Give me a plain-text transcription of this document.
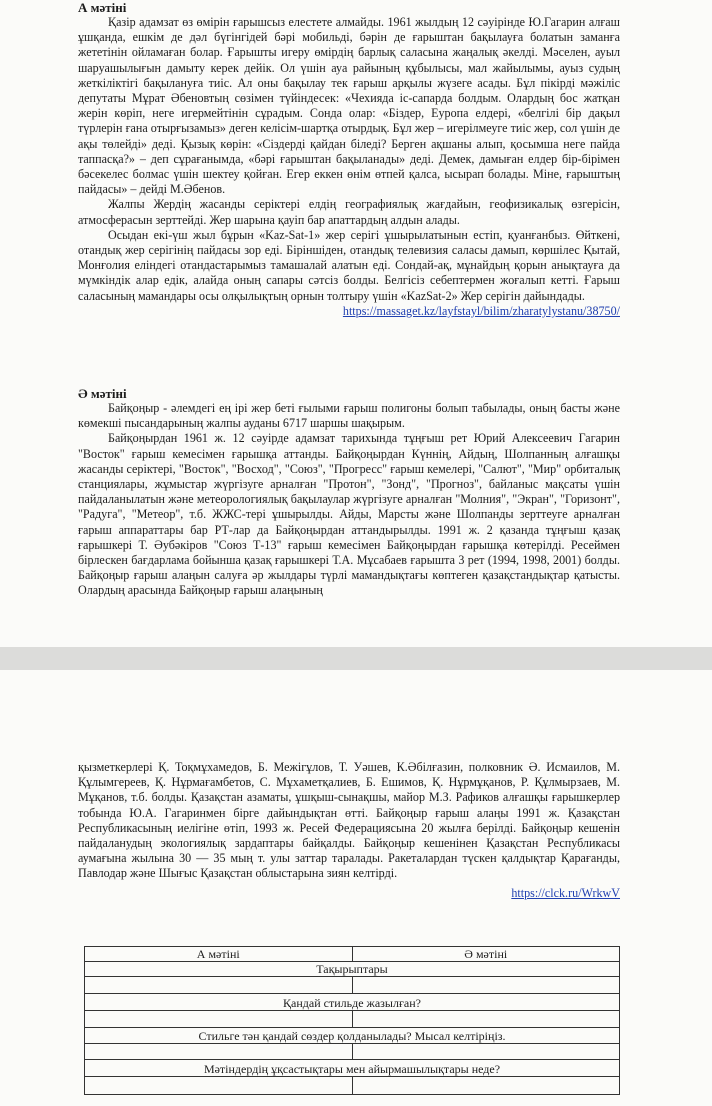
А мәтіні

Қазір адамзат өз өмірін ғарышсыз елестете алмайды. 1961 жылдың 12 сәуірінде Ю.Гагарин алғаш ұшқанда, ешкім де дәл бүгінгідей бәрі мобильді, бәрін де ғарыштан бақылауға болатын заманға жететінін ойламаған болар. Ғарышты игеру өмірдің барлық саласына жаңалық әкелді. Мәселен, ауыл шаруашылығын дамыту керек дейік. Ол үшін ауа райының құбылысы, мал жайылымы, ауыз судың жеткіліктігі бақылануға тиіс. Ал оны бақылау тек ғарыш арқылы жүзеге асады. Бұл пікірді мәжіліс депутаты Мұрат Әбеновтың сөзімен түйіндесек: «Чехияда іс-сапарда болдым. Олардың бос жатқан жерін көріп, неге игермейтінін сұрадым. Сонда олар: «Біздер, Еуропа елдері, «белгілі бір дақыл түрлерін ғана отырғызамыз» деген келісім-шартқа отырдық. Бұл жер – игерілмеуге тиіс жер, сол үшін де ақы төлейді» деді. Қызық көрін: «Сіздерді қайдан біледі? Берген ақшаны алып, қосымша неге пайда таппасқа?» – деп сұрағанымда, «бәрі ғарыштан бақыланады» деді. Демек, дамыған елдер бір-бірімен бәсекелес болмас үшін шектеу қойған. Егер еккен өнім өтпей қалса, ысырап болады. Міне, ғарыштың пайдасы» – дейді М.Әбенов.

Жалпы Жердің жасанды серіктері елдің географиялық жағдайын, геофизикалық өзгерісін, атмосферасын зерттейді. Жер шарына қауіп бар апаттардың алдын алады.

Осыдан екі-үш жыл бұрын «Kaz-Sat-1» жер серігі ұшырылатынын естіп, қуанғанбыз. Өйткені, отандық жер серігінің пайдасы зор еді. Біріншіден, отандық телевизия саласы дамып, көршілес Қытай, Монғолия еліндегі отандастарымыз тамашалай алатын еді. Сондай-ақ, мұнайдың қорын анықтауға да мүмкіндік алар едік, алайда оның сапары сәтсіз болды. Белгісіз себептермен жоғалып кетті. Ғарыш саласының мамандары осы олқылықтың орнын толтыру үшін «KazSat-2» Жер серігін дайындады.

https://massaget.kz/layfstayl/bilim/zharatylystanu/38750/
Ә мәтіні

Байқоңыр - әлемдегі ең ірі жер беті ғылыми ғарыш полигоны болып табылады, оның басты және көмекші пысандарының жалпы ауданы 6717 шаршы шақырым.

Байқоңырдан 1961 ж. 12 сәуірде адамзат тарихында тұңғыш рет Юрий Алексеевич Гагарин "Восток" ғарыш кемесімен ғарышқа аттанды. Байқоңырдан Күннің, Айдың, Шолпанның алғашқы жасанды серіктері, "Восток", "Восход", "Союз", "Прогресс" ғарыш кемелері, "Салют", "Мир" орбиталық станциялары, жұмыстар жүргізуге арналған "Протон", "Зонд", "Прогноз", байланыс мақсаты үшін пайдаланылатын және метеорологиялық бақылаулар жүргізуге арналған "Молния", "Экран", "Горизонт", "Радуга", "Метеор", т.б. ЖЖС-тері ұшырылды. Айды, Марсты және Шолпанды зерттеуге арналған ғарыш аппараттары бар РТ-лар да Байқоңырдан аттандырылды. 1991 ж. 2 қазанда тұңғыш қазақ ғарышкері Т. Әубәкіров "Союз Т-13" ғарыш кемесімен Байқоңырдан ғарышқа көтерілді. Ресеймен бірлескен бағдарлама бойынша қазақ ғарышкері Т.А. Мұсабаев ғарышта 3 рет (1994, 1998, 2001) болды. Байқоңыр ғарыш алаңын салуға әр жылдары түрлі мамандықтағы көптеген қазақстандықтар қатысты. Олардың арасында Байқоңыр ғарыш алаңының

қызметкерлері Қ. Тоқмұхамедов, Б. Межігұлов, Т. Уәшев, К.Әбілғазин, полковник Ә. Исмаилов, М. Құлымгереев, Қ. Нұрмағамбетов, С. Мұхаметқалиев, Б. Ешимов, Қ. Нұрмұқанов, Р. Құлмырзаев, М. Мұқанов, т.б. болды. Қазақстан азаматы, ұшқыш-сынақшы, майор М.З. Рафиков алғашқы ғарышкерлер тобында Ю.А. Гагаринмен бірге дайындықтан өтті. Байқоңыр ғарыш алаңы 1991 ж. Қазақстан Республикасының иелігіне өтіп, 1993 ж. Ресей Федерациясына 20 жылға берілді. Байқоңыр кешенін пайдаланудың экологиялық зардаптары байқалды. Байқоңыр кешенінен Қазақстан Республикасы аумағына жылына 30 — 35 мың т. улы заттар таралады. Ракеталардан түскен қалдықтар Қарағанды, Павлодар және Шығыс Қазақстан облыстарына зиян келтірді.

https://clck.ru/WrkwV
А мәтіні	Ә мәтіні
Тақырыптары	

Қандай стильде жазылған?	

Стильге тән қандай сөздер қолданылады? Мысал келтіріңіз.	

Мәтіндердің ұқсастықтары мен айырмашылықтары неде?	
